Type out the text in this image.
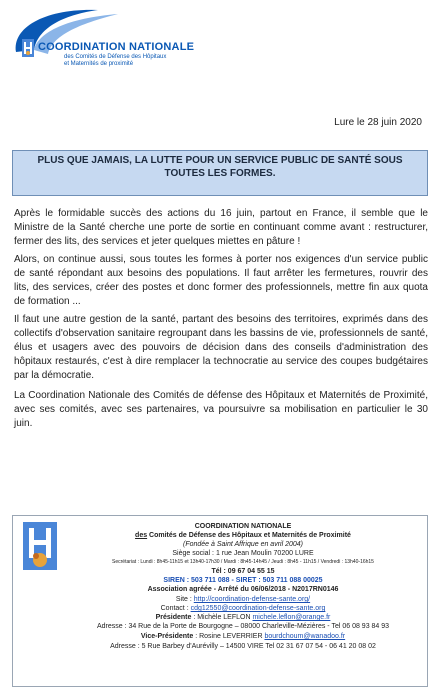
COORDINATION NATIONALE
des Comités de Défense des Hôpitaux
et Maternités de proximité
Lure le 28 juin 2020
PLUS QUE JAMAIS, LA LUTTE POUR UN SERVICE PUBLIC DE SANTÉ SOUS
TOUTES LES FORMES.
Après le formidable succès des actions du 16 juin, partout en France, il semble que le Ministre de la Santé cherche une porte de sortie en continuant comme avant : restructurer, fermer des lits, des services et jeter quelques miettes en pâture !
Alors, on continue aussi, sous toutes les formes à porter nos exigences d'un service public de santé répondant aux besoins des populations. Il faut arrêter les fermetures, rouvrir des lits, des services, créer des postes et donc former des professionnels, mettre fin aux quota de formation ...
Il faut une autre gestion de la santé, partant des besoins des territoires, exprimés dans des collectifs d'observation sanitaire regroupant dans les bassins de vie, professionnels de santé, élus et usagers avec des pouvoirs de décision dans des conseils d'administration des hôpitaux restaurés, c'est à dire remplacer la technocratie au service des coupes budgétaires par la démocratie.
La Coordination Nationale des Comités de défense des Hôpitaux et Maternités de Proximité, avec ses comités, avec ses partenaires, va poursuivre sa mobilisation en particulier le 30 juin.
COORDINATION NATIONALE
des Comités de Défense des Hôpitaux et Maternités de Proximité
(Fondée à Saint Affrique en avril 2004)
Siège social : 1 rue Jean Moulin 70200 LURE
Secrétariat : Lundi : 8h45-11h15 et 13h40-17h30 / Mardi : 8h45-14h45 / Jeudi : 8h45 - 11h15 / Vendredi : 13h40-16h15
Tél : 09 67 04 55 15
SIREN : 503 711 088 - SIRET : 503 711 088 00025
Association agréée - Arrêté du 06/06/2018 - N2017RN0146
Site : http://coordination-defense-sante.org/
Contact : cdg12550@coordination-defense-sante.org
Présidente : Michèle LEFLON michele.leflon@orange.fr
Adresse : 34 Rue de la Porte de Bourgogne – 08000 Charleville-Mézières - Tel 06 08 93 84 93
Vice-Présidente : Rosine LEVERRIER bourdchoum@wanadoo.fr
Adresse : 5 Rue Barbey d'Aurévilly – 14500 VIRE Tel 02 31 67 07 54 - 06 41 20 08 02
